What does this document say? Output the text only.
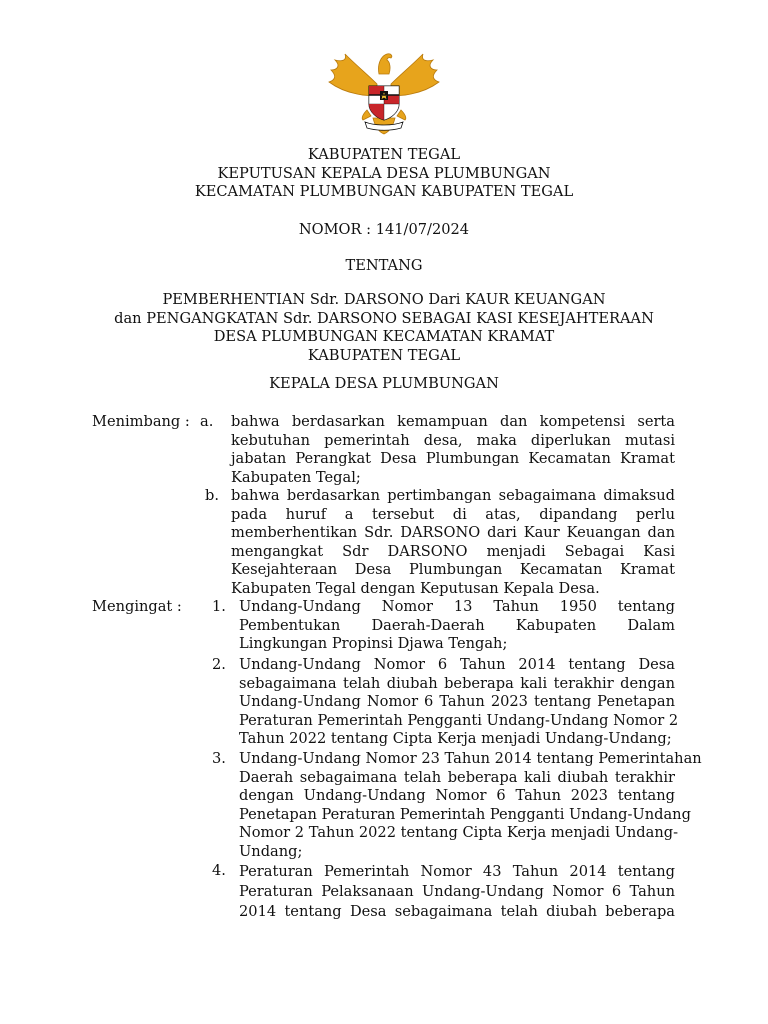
KABUPATEN TEGAL
KEPUTUSAN KEPALA DESA PLUMBUNGAN
KECAMATAN PLUMBUNGAN KABUPATEN TEGAL
NOMOR : 141/07/2024
TENTANG
PEMBERHENTIAN Sdr. DARSONO Dari KAUR KEUANGAN
dan PENGANGKATAN Sdr. DARSONO SEBAGAI KASI KESEJAHTERAAN
DESA PLUMBUNGAN KECAMATAN KRAMAT
KABUPATEN TEGAL
KEPALA DESA PLUMBUNGAN
Menimbang : a. bahwa berdasarkan kemampuan dan kompetensi serta
kebutuhan pemerintah desa, maka diperlukan mutasi
jabatan Perangkat Desa Plumbungan Kecamatan Kramat
Kabupaten Tegal;
b. bahwa berdasarkan pertimbangan sebagaimana dimaksud
pada huruf a tersebut di atas, dipandang perlu
memberhentikan Sdr. DARSONO dari Kaur Keuangan dan
mengangkat Sdr DARSONO menjadi Sebagai Kasi
Kesejahteraan Desa Plumbungan Kecamatan Kramat
Kabupaten Tegal dengan Keputusan Kepala Desa.
Mengingat : 1. Undang-Undang Nomor 13 Tahun 1950 tentang
Pembentukan Daerah-Daerah Kabupaten Dalam
Lingkungan Propinsi Djawa Tengah;
2. Undang-Undang Nomor 6 Tahun 2014 tentang Desa
sebagaimana telah diubah beberapa kali terakhir dengan
Undang-Undang Nomor 6 Tahun 2023 tentang Penetapan
Peraturan Pemerintah Pengganti Undang-Undang Nomor 2
Tahun 2022 tentang Cipta Kerja menjadi Undang-Undang;
3. Undang-Undang Nomor 23 Tahun 2014 tentang Pemerintahan
Daerah sebagaimana telah beberapa kali diubah terakhir
dengan Undang-Undang Nomor 6 Tahun 2023 tentang
Penetapan Peraturan Pemerintah Pengganti Undang-Undang
Nomor 2 Tahun 2022 tentang Cipta Kerja menjadi Undang-
Undang;
4. Peraturan Pemerintah Nomor 43 Tahun 2014 tentang
Peraturan Pelaksanaan Undang-Undang Nomor 6 Tahun
2014 tentang Desa sebagaimana telah diubah beberapa
